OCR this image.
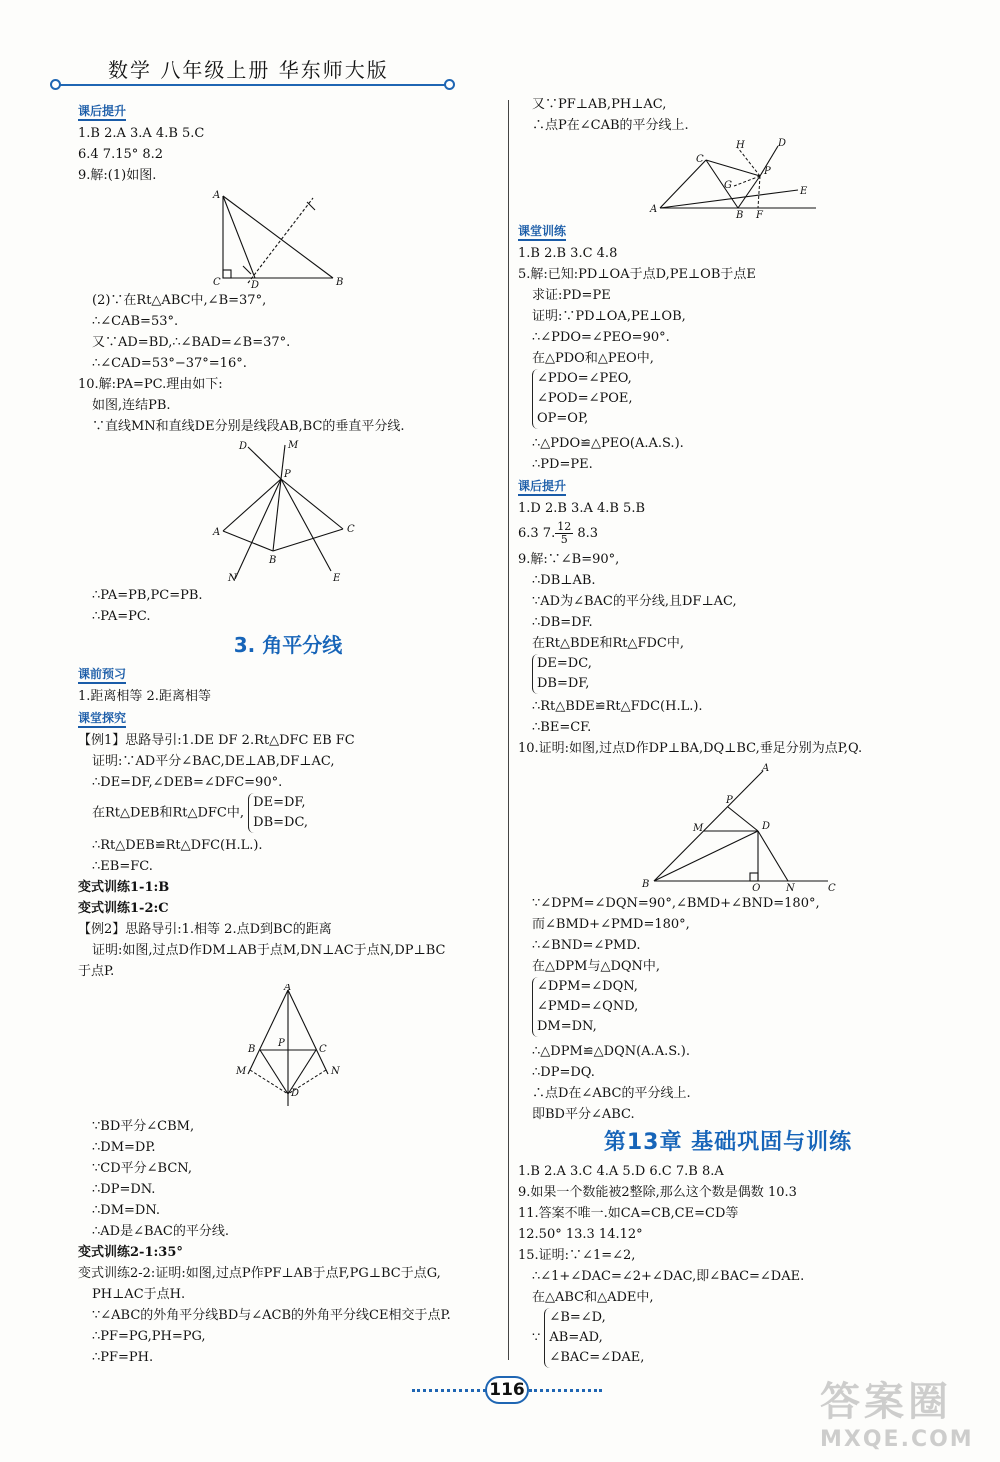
数学 八年级上册 华东师大版
课后提升
1.B 2.A 3.A 4.B 5.C
6.4 7.15° 8.2
9.解:(1)如图.
A
C	D	B
(2)∵在Rt△ABC中,∠B=37°,
∴∠CAB=53°.
又∵AD=BD,∴∠BAD=∠B=37°.
∴∠CAD=53°−37°=16°.
10.解:PA=PC.理由如下:
如图,连结PB.
∵直线MN和直线DE分别是线段AB,BC的垂直平分线.
D	M
P
A	C
B
N	E
∴PA=PB,PC=PB.
∴PA=PC.
3. 角平分线
课前预习
1.距离相等 2.距离相等
课堂探究
【例1】思路导引:1.DE DF 2.Rt△DFC EB FC
证明:∵AD平分∠BAC,DE⊥AB,DF⊥AC,
∴DE=DF,∠DEB=∠DFC=90°.
在Rt△DEB和Rt△DFC中,
DE=DF,
DB=DC,
∴Rt△DEB≌Rt△DFC(H.L.).
∴EB=FC.
变式训练1-1:B
变式训练1-2:C
【例2】思路导引:1.相等 2.点D到BC的距离
证明:如图,过点D作DM⊥AB于点M,DN⊥AC于点N,DP⊥BC
于点P.
A
B
P
C
M	N
D
∵BD平分∠CBM,
∴DM=DP.
∵CD平分∠BCN,
∴DP=DN.
∴DM=DN.
∴AD是∠BAC的平分线.
变式训练2-1:35°
变式训练2-2:证明:如图,过点P作PF⊥AB于点F,PG⊥BC于点G,
PH⊥AC于点H.
∵∠ABC的外角平分线BD与∠ACB的外角平分线CE相交于点P.
∴PF=PG,PH=PG,
∴PF=PH.
又∵PF⊥AB,PH⊥AC,
∴点P在∠CAB的平分线上.
H	D
C
P
G
E
A
B F
课堂训练
1.B 2.B 3.C 4.8
5.解:已知:PD⊥OA于点D,PE⊥OB于点E
求证:PD=PE
证明:∵PD⊥OA,PE⊥OB,
∴∠PDO=∠PEO=90°.
在△PDO和△PEO中,
∠PDO=∠PEO,
∠POD=∠POE,
OP=OP,
∴△PDO≌△PEO(A.A.S.).
∴PD=PE.
课后提升
1.D 2.B 3.A 4.B 5.B
6.3 7. $\frac{12}{5} 8.3$
9.解:∵∠B=90°,
∴DB⊥AB.
∵AD为∠BAC的平分线,且DF⊥AC,
∴DB=DF.
在Rt△BDE和Rt△FDC中,
DE=DC,
DB=DF,
∴Rt△BDE≌Rt△FDC(H.L.).
∴BE=CF.
10.证明:如图,过点D作DP⊥BA,DQ⊥BC,垂足分别为点P,Q.
A
M
P
D
B	Q	N	C
∵∠DPM=∠DQN=90°,∠BMD+∠BND=180°,
而∠BMD+∠PMD=180°,
∴∠BND=∠PMD.
在△DPM与△DQN中,
∠DPM=∠DQN,
∠PMD=∠QND,
DM=DN,
∴△DPM≌△DQN(A.A.S.).
∴DP=DQ.
∴点D在∠ABC的平分线上.
即BD平分∠ABC.
第13章 基础巩固与训练
1.B 2.A 3.C 4.A 5.D 6.C 7.B 8.A
9.如果一个数能被2整除,那么这个数是偶数 10.3
11.答案不唯一.如CA=CB,CE=CD等
12.50° 13.3 14.12°
15.证明:∵∠1=∠2,
∴∠1+∠DAC=∠2+∠DAC,即∠BAC=∠DAE.
在△ABC和△ADE中,
∵
∠B=∠D,
AB=AD,
∠BAC=∠DAE,
116	答案圈
MXQE.COM
